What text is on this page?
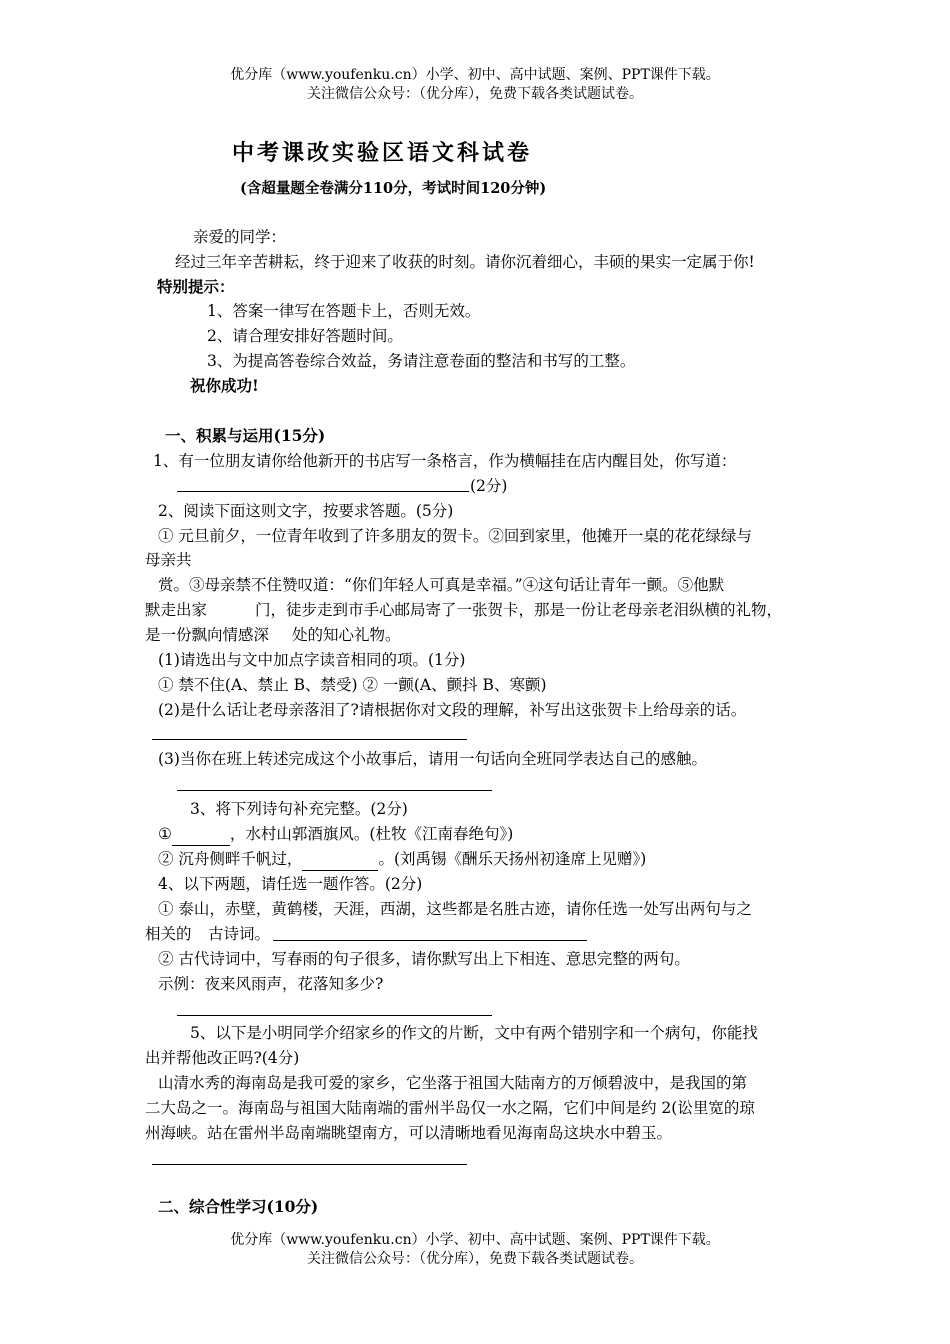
优分库（www.youfenku.cn）小学、初中、高中试题、案例、PPT课件下载。
关注微信公众号：（优分库），免费下载各类试题试卷。
中考课改实验区语文科试卷
(含超量题全卷满分110分，考试时间120分钟)
亲爱的同学：
经过三年辛苦耕耘，终于迎来了收获的时刻。请你沉着细心，丰硕的果实一定属于你!
特别提示：
1、答案一律写在答题卡上，否则无效。
2、请合理安排好答题时间。
3、为提高答卷综合效益，务请注意卷面的整洁和书写的工整。
祝你成功!
一、积累与运用(15分)
1、有一位朋友请你给他新开的书店写一条格言，作为横幅挂在店内醒目处，你写道：
(2分)
2、阅读下面这则文字，按要求答题。(5分)
① 元旦前夕，一位青年收到了许多朋友的贺卡。②回到家里，他摊开一桌的花花绿绿与
母亲共
赏。③母亲禁不住赞叹道：“你们年轻人可真是幸福。”④这句话让青年一颤。⑤他默
默走出家	门，徒步走到市手心邮局寄了一张贺卡，那是一份让老母亲老泪纵横的礼物，
是一份飘向情感深 处的知心礼物。
(1)请选出与文中加点字读音相同的项。(1分)
① 禁不住(A、禁止 B、禁受) ② 一颤(A、颤抖 B、寒颤)
(2)是什么话让老母亲落泪了?请根据你对文段的理解，补写出这张贺卡上给母亲的话。
(3)当你在班上转述完成这个小故事后，请用一句话向全班同学表达自己的感触。
3、将下列诗句补充完整。(2分)
①	，水村山郭酒旗风。(杜牧《江南春绝句》)
② 沉舟侧畔千帆过，	。(刘禹锡《酬乐天扬州初逢席上见赠》)
4、以下两题，请任选一题作答。(2分)
① 泰山，赤壁，黄鹤楼，天涯，西湖，这些都是名胜古迹，请你任选一处写出两句与之
相关的 古诗词。
② 古代诗词中，写春雨的句子很多，请你默写出上下相连、意思完整的两句。
示例：夜来风雨声，花落知多少?
5、以下是小明同学介绍家乡的作文的片断，文中有两个错别字和一个病句，你能找
出并帮他改正吗?(4分)
山清水秀的海南岛是我可爱的家乡，它坐落于祖国大陆南方的万倾碧波中，是我国的第
二大岛之一。海南岛与祖国大陆南端的雷州半岛仅一水之隔，它们中间是约 2(讼里宽的琼
州海峡。站在雷州半岛南端眺望南方，可以清晰地看见海南岛这块水中碧玉。
二、综合性学习(10分)
优分库（www.youfenku.cn）小学、初中、高中试题、案例、PPT课件下载。
关注微信公众号：（优分库），免费下载各类试题试卷。
